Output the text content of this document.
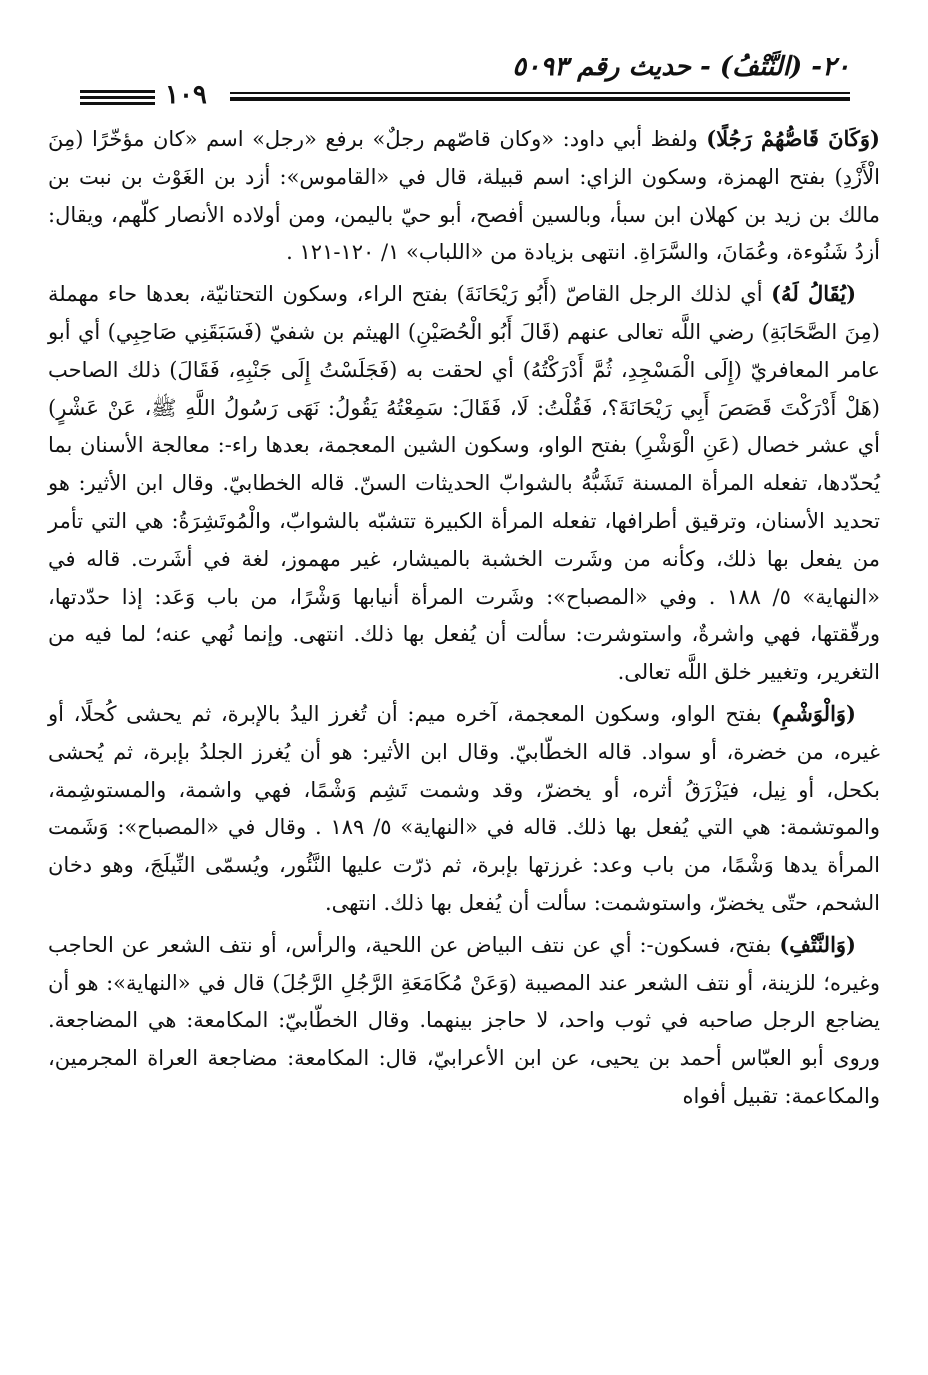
٢٠- (النَّتْفُ) - حديث رقم ٥٠٩٣
١٠٩

(وَكَانَ قَاصُّهُمْ رَجُلًا) ولفظ أبي داود: «وكان قاصّهم رجلٌ» برفع «رجل» اسم «كان مؤخّرًا (مِنَ الْأَزْدِ) بفتح الهمزة، وسكون الزاي: اسم قبيلة، قال في «القاموس»: أزد بن الغَوْث بن نبت بن مالك بن زيد بن كهلان ابن سبأ، وبالسين أفصح، أبو حيّ باليمن، ومن أولاده الأنصار كلّهم، ويقال: أزدُ شَنُوءة، وعُمَانَ، والسَّرَاةِ. انتهى بزيادة من «اللباب» ١/ ١٢٠-١٢١ .

(يُقَالُ لَهُ) أي لذلك الرجل القاصّ (أَبُو رَيْحَانَةَ) بفتح الراء، وسكون التحتانيّة، بعدها حاء مهملة (مِنَ الصَّحَابَةِ) رضي اللَّه تعالى عنهم (قَالَ أَبُو الْحُصَيْنِ) الهيثم بن شفيّ (فَسَبَقَنِي صَاحِبِي) أي أبو عامر المعافريّ (إِلَى الْمَسْجِدِ، ثُمَّ أَدْرَكْتُهُ) أي لحقت به (فَجَلَسْتُ إِلَى جَنْبِهِ، فَقَالَ) ذلك الصاحب (هَلْ أَدْرَكْتَ قَصَصَ أَبِي رَيْحَانَةَ؟، فَقُلْتُ: لَا، فَقَالَ: سَمِعْتُهُ يَقُولُ: نَهَى رَسُولُ اللَّهِ ﷺ، عَنْ عَشْرٍ) أي عشر خصال (عَنِ الْوَشْرِ) بفتح الواو، وسكون الشين المعجمة، بعدها راء-: معالجة الأسنان بما يُحدّدها، تفعله المرأة المسنة تَشَبُّهُ بالشوابّ الحديثات السنّ. قاله الخطابيّ. وقال ابن الأثير: هو تحديد الأسنان، وترقيق أطرافها، تفعله المرأة الكبيرة تتشبّه بالشوابّ، والْمُوتَشِرَةُ: هي التي تأمر من يفعل بها ذلك، وكأنه من وشَرت الخشبة بالميشار، غير مهموز، لغة في أشَرت. قاله في «النهاية» ٥/ ١٨٨ . وفي «المصباح»: وشَرت المرأة أنيابها وَشْرًا، من باب وَعَد: إذا حدّدتها، ورقّقتها، فهي واشرةٌ، واستوشرت: سألت أن يُفعل بها ذلك. انتهى. وإنما نُهي عنه؛ لما فيه من التغرير، وتغيير خلق اللَّه تعالى.

(وَالْوَشْمِ) بفتح الواو، وسكون المعجمة، آخره ميم: أن تُغرز اليدُ بالإبرة، ثم يحشى كُحلًا، أو غيره، من خضرة، أو سواد. قاله الخطّابيّ. وقال ابن الأثير: هو أن يُغرز الجلدُ بإبرة، ثم يُحشى بكحل، أو نِيل، فيَزْرَقُ أثره، أو يخضرّ، وقد وشمت تَشِم وَشْمًا، فهي واشمة، والمستوشِمة، والموتشمة: هي التي يُفعل بها ذلك. قاله في «النهاية» ٥/ ١٨٩ . وقال في «المصباح»: وَشَمت المرأة يدها وَشْمًا، من باب وعد: غرزتها بإبرة، ثم ذرّت عليها النَّئُور، ويُسمّى النِّيلَجَ، وهو دخان الشحم، حتّى يخضرّ، واستوشمت: سألت أن يُفعل بها ذلك. انتهى.

(وَالنَّتْفِ) بفتح، فسكون-: أي عن نتف البياض عن اللحية، والرأس، أو نتف الشعر عن الحاجب وغيره؛ للزينة، أو نتف الشعر عند المصيبة (وَعَنْ مُكَامَعَةِ الرَّجُلِ الرَّجُلَ) قال في «النهاية»: هو أن يضاجع الرجل صاحبه في ثوب واحد، لا حاجز بينهما. وقال الخطّابيّ: المكامعة: هي المضاجعة. وروى أبو العبّاس أحمد بن يحيى، عن ابن الأعرابيّ، قال: المكامعة: مضاجعة العراة المجرمين، والمكاعمة: تقبيل أفواه
